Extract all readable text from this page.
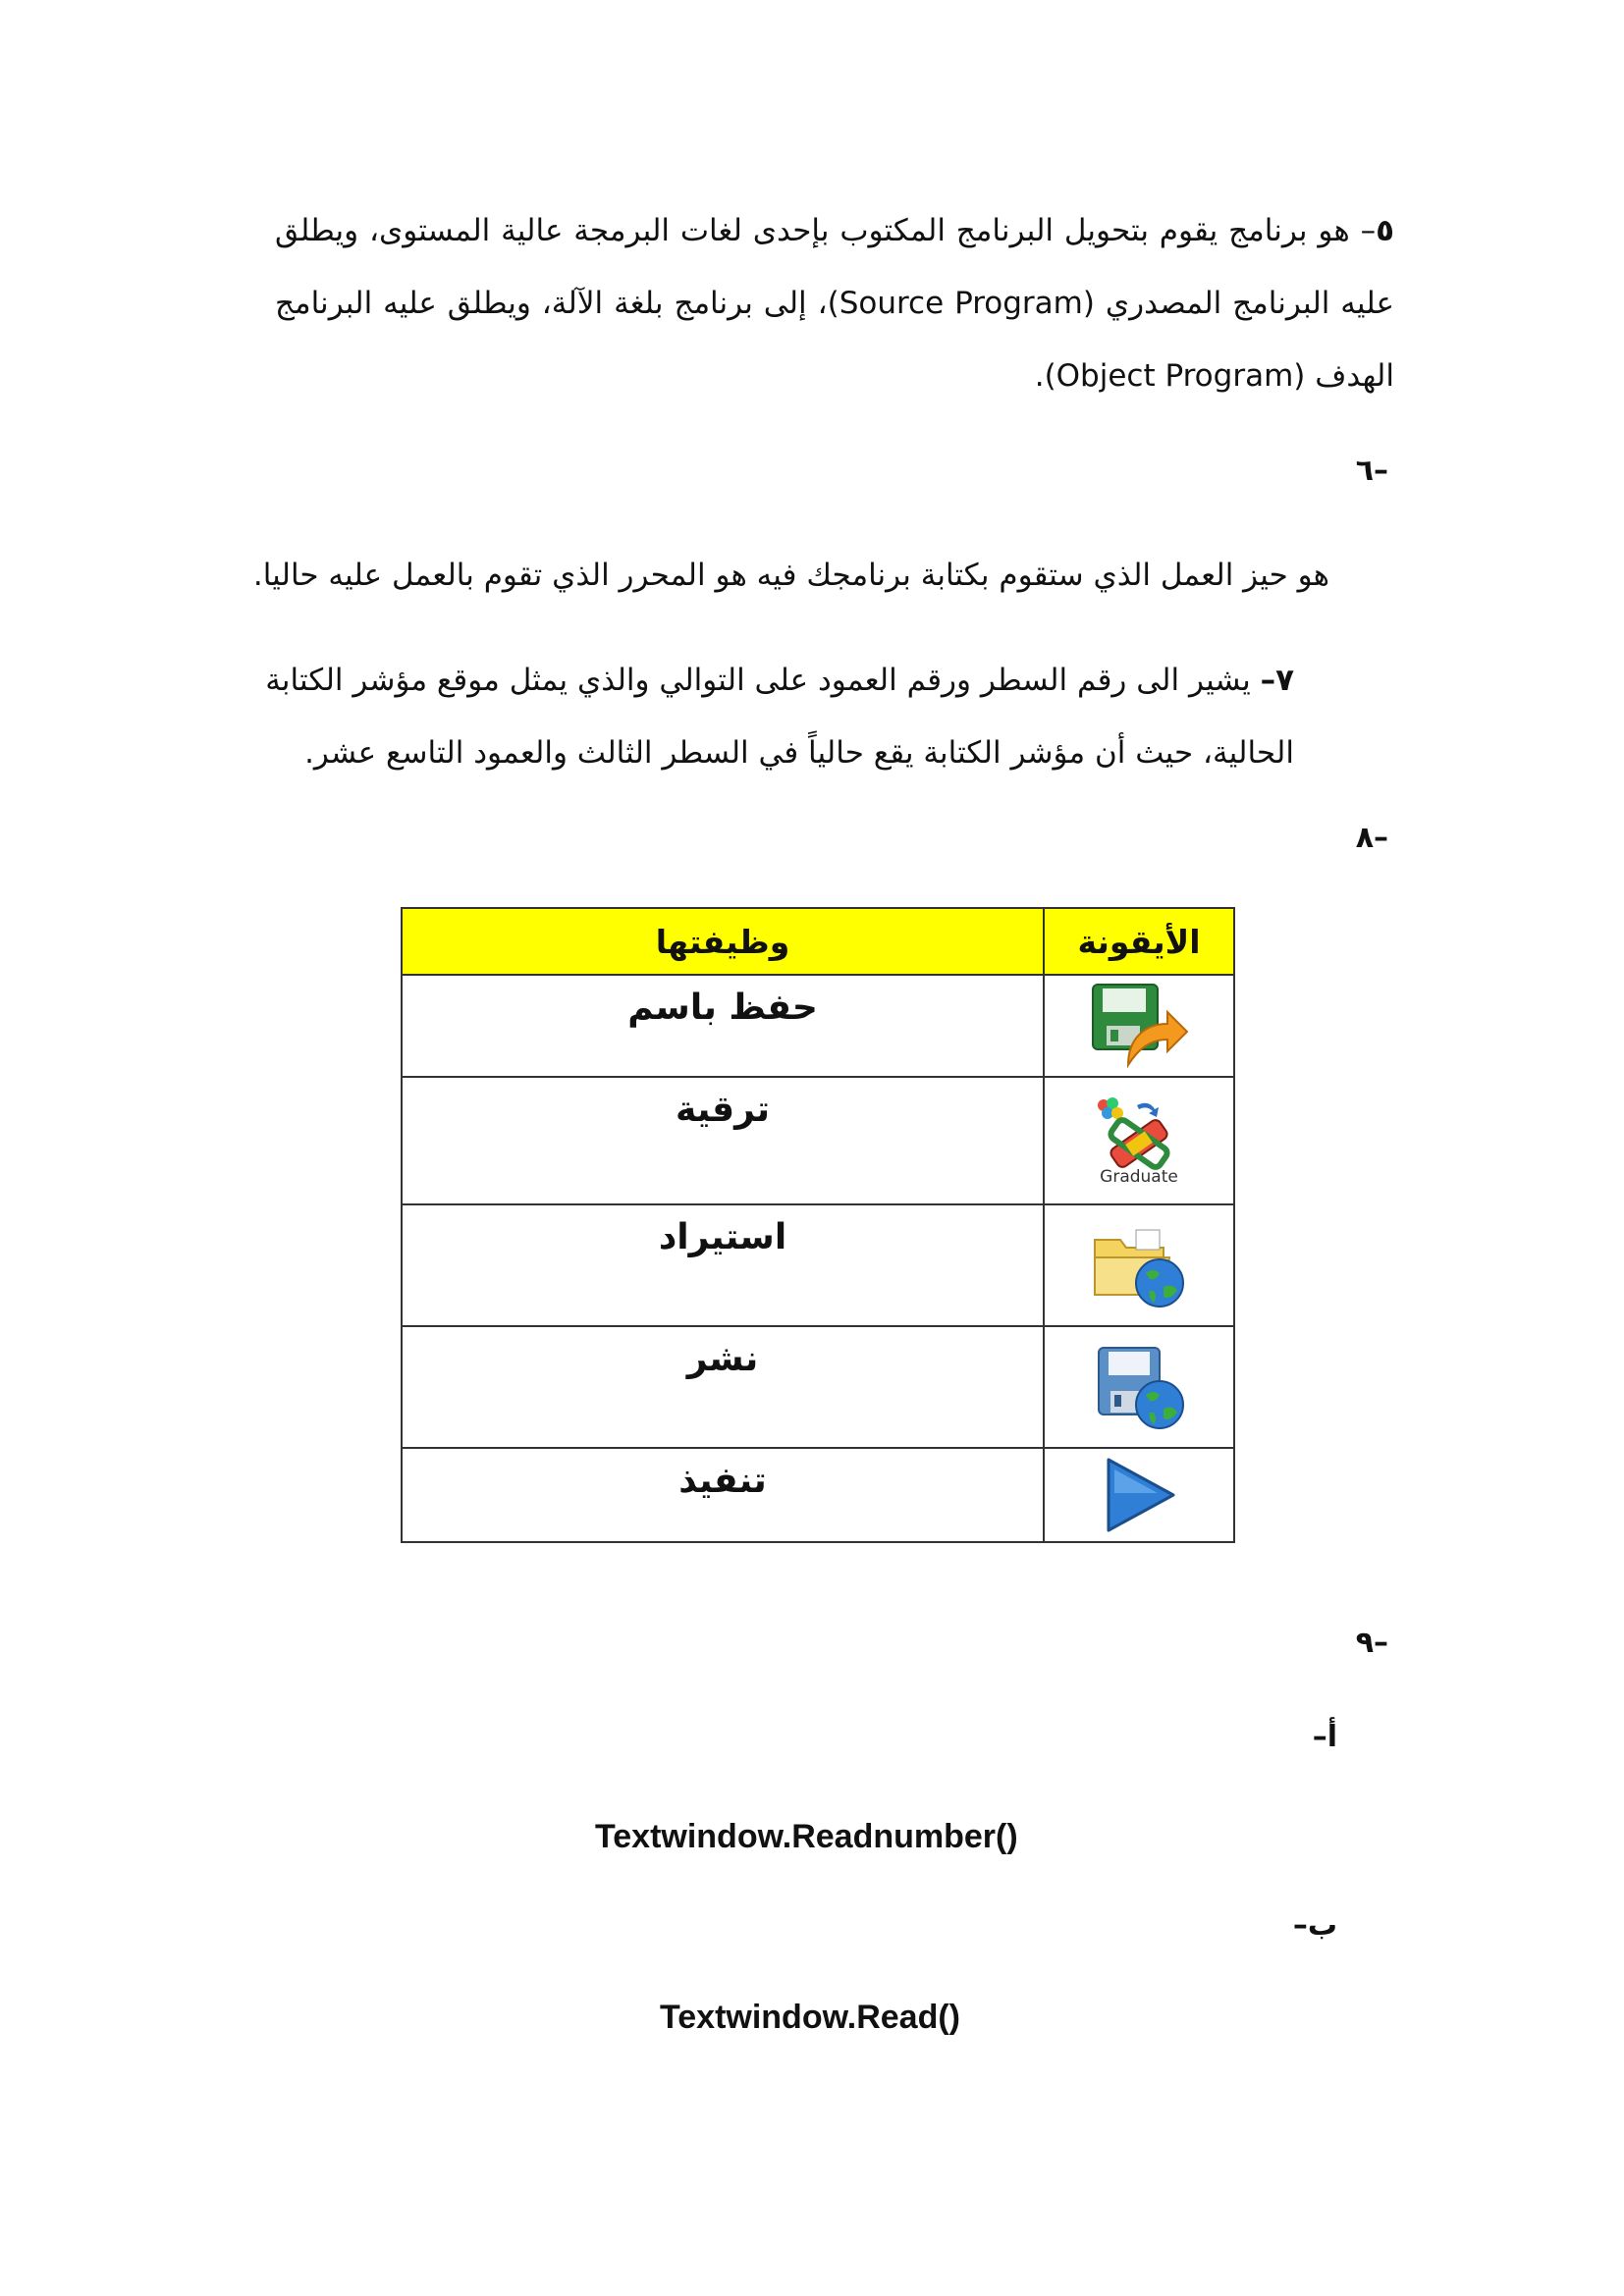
٥– هو برنامج يقوم بتحويل البرنامج المكتوب بإحدى لغات البرمجة عالية المستوى، ويطلق عليه البرنامج المصدري (Source Program)، إلى برنامج بلغة الآلة، ويطلق عليه البرنامج الهدف (Object Program).
٦–
هو حيز العمل الذي ستقوم بكتابة برنامجك فيه هو المحرر الذي تقوم بالعمل عليه حاليا.
٧– يشير الى رقم السطر ورقم العمود على التوالي والذي يمثل موقع مؤشر الكتابة الحالية، حيث أن مؤشر الكتابة يقع حالياً في السطر الثالث والعمود التاسع عشر.
٨–
الأيقونة	وظيفتها

	حفظ باسم

Graduate	ترقية

	استيراد

	نشر

	تنفيذ
٩–
أ–
Textwindow.Readnumber()
ب–
Textwindow.Read()
